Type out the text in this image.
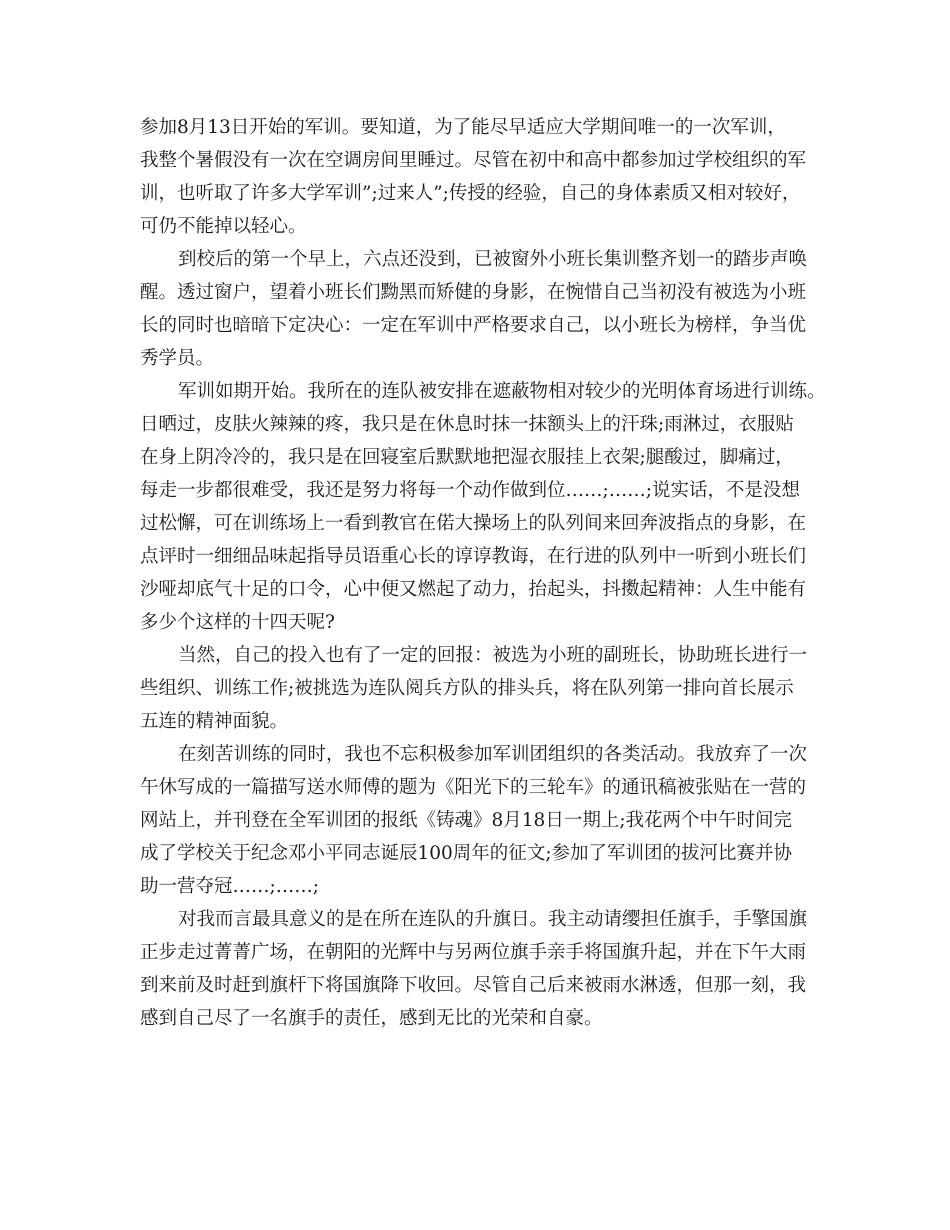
参加8月13日开始的军训。要知道，为了能尽早适应大学期间唯一的一次军训，
我整个暑假没有一次在空调房间里睡过。尽管在初中和高中都参加过学校组织的军
训，也听取了许多大学军训”;过来人”;传授的经验，自己的身体素质又相对较好，
可仍不能掉以轻心。
到校后的第一个早上，六点还没到，已被窗外小班长集训整齐划一的踏步声唤
醒。透过窗户，望着小班长们黝黑而矫健的身影，在惋惜自己当初没有被选为小班
长的同时也暗暗下定决心：一定在军训中严格要求自己，以小班长为榜样，争当优
秀学员。
军训如期开始。我所在的连队被安排在遮蔽物相对较少的光明体育场进行训练。
日晒过，皮肤火辣辣的疼，我只是在休息时抹一抹额头上的汗珠;雨淋过，衣服贴
在身上阴冷冷的，我只是在回寝室后默默地把湿衣服挂上衣架;腿酸过，脚痛过，
每走一步都很难受，我还是努力将每一个动作做到位……;……;说实话，不是没想
过松懈，可在训练场上一看到教官在偌大操场上的队列间来回奔波指点的身影，在
点评时一细细品味起指导员语重心长的谆谆教诲，在行进的队列中一听到小班长们
沙哑却底气十足的口令，心中便又燃起了动力，抬起头，抖擞起精神：人生中能有
多少个这样的十四天呢?
当然，自己的投入也有了一定的回报：被选为小班的副班长，协助班长进行一
些组织、训练工作;被挑选为连队阅兵方队的排头兵，将在队列第一排向首长展示
五连的精神面貌。
在刻苦训练的同时，我也不忘积极参加军训团组织的各类活动。我放弃了一次
午休写成的一篇描写送水师傅的题为《阳光下的三轮车》的通讯稿被张贴在一营的
网站上，并刊登在全军训团的报纸《铸魂》8月18日一期上;我花两个中午时间完
成了学校关于纪念邓小平同志诞辰100周年的征文;参加了军训团的拔河比赛并协
助一营夺冠……;……;
对我而言最具意义的是在所在连队的升旗日。我主动请缨担任旗手，手擎国旗
正步走过菁菁广场，在朝阳的光辉中与另两位旗手亲手将国旗升起，并在下午大雨
到来前及时赶到旗杆下将国旗降下收回。尽管自己后来被雨水淋透，但那一刻，我
感到自己尽了一名旗手的责任，感到无比的光荣和自豪。
